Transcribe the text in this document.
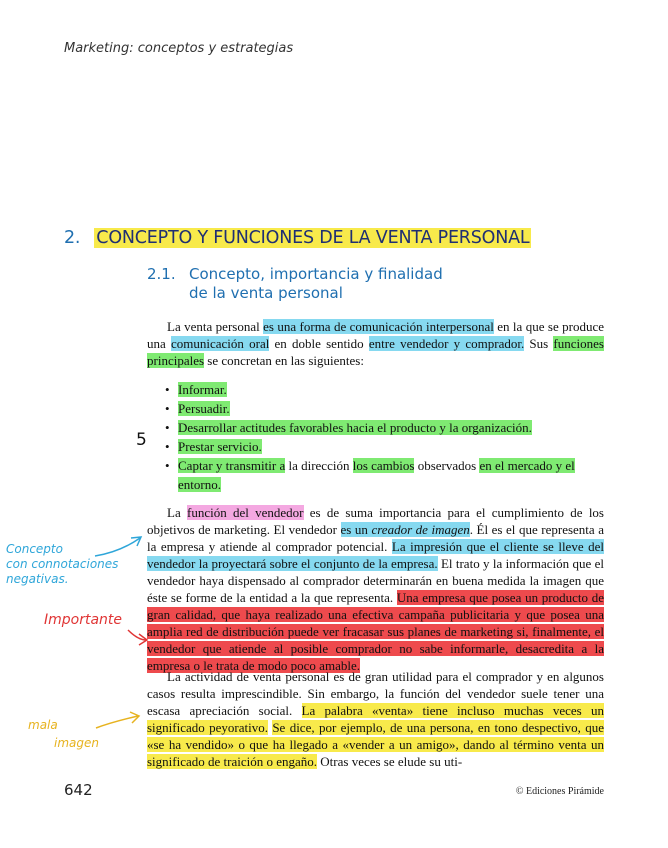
Marketing: conceptos y estrategias
2. CONCEPTO Y FUNCIONES DE LA VENTA PERSONAL
2.1. Concepto, importancia y finalidad
de la venta personal

La venta personal es una forma de comunicación interpersonal en la que se produce una comunicación oral en doble sentido entre vendedor y comprador. Sus funciones principales se concretan en las siguientes:

• Informar.
• Persuadir.
• Desarrollar actitudes favorables hacia el producto y la organización.
• Prestar servicio.
• Captar y transmitir a la dirección los cambios observados en el mercado y el entorno.
5

La función del vendedor es de suma importancia para el cumplimiento de los objetivos de marketing. El vendedor es un creador de imagen. Él es el que representa a la empresa y atiende al comprador potencial. La impresión que el cliente se lleve del vendedor la proyectará sobre el conjunto de la empresa. El trato y la información que el vendedor haya dispensado al comprador determinarán en buena medida la imagen que éste se forme de la entidad a la que representa. Una empresa que posea un producto de gran calidad, que haya realizado una efectiva campaña publicitaria y que posea una amplia red de distribución puede ver fracasar sus planes de marketing si, finalmente, el vendedor que atiende al posible comprador no sabe informarle, desacredita a la empresa o le trata de modo poco amable.

La actividad de venta personal es de gran utilidad para el comprador y en algunos casos resulta imprescindible. Sin embargo, la función del vendedor suele tener una escasa apreciación social. La palabra «venta» tiene incluso muchas veces un significado peyorativo. Se dice, por ejemplo, de una persona, en tono despectivo, que «se ha vendido» o que ha llegado a «vender a un amigo», dando al término venta un significado de traición o engaño. Otras veces se elude su uti-

Concepto
con connotaciones
negativas.
Importante
mala
imagen
642	© Ediciones Pirámide
